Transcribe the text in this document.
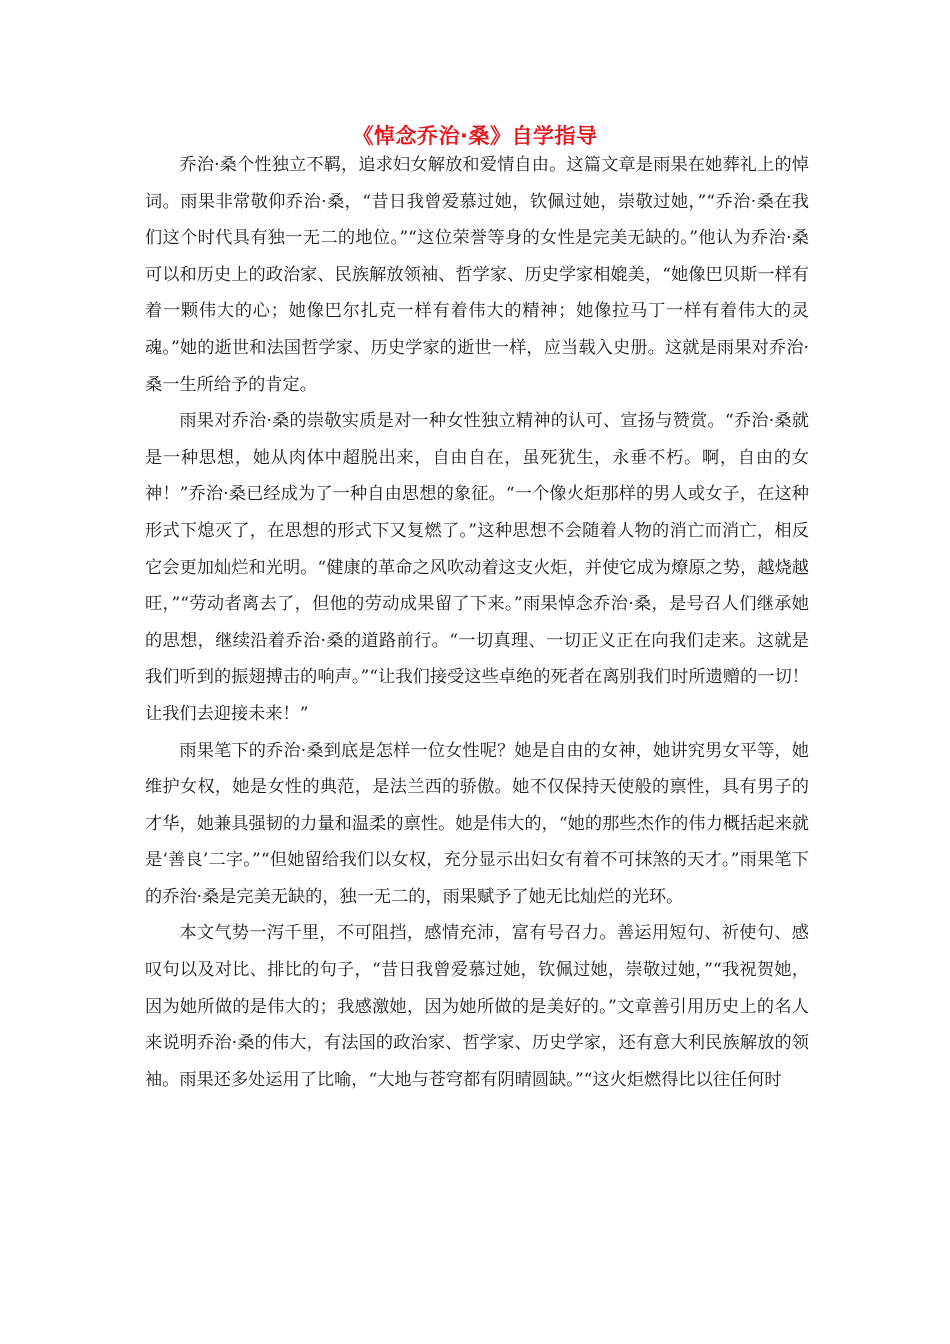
《悼念乔治·桑》自学指导

乔治·桑个性独立不羁，追求妇女解放和爱情自由。这篇文章是雨果在她葬礼上的悼词。雨果非常敬仰乔治·桑，“昔日我曾爱慕过她，钦佩过她，崇敬过她，”“乔治·桑在我们这个时代具有独一无二的地位。”“这位荣誉等身的女性是完美无缺的。”他认为乔治·桑可以和历史上的政治家、民族解放领袖、哲学家、历史学家相媲美，“她像巴贝斯一样有着一颗伟大的心；她像巴尔扎克一样有着伟大的精神；她像拉马丁一样有着伟大的灵魂。”她的逝世和法国哲学家、历史学家的逝世一样，应当载入史册。这就是雨果对乔治·桑一生所给予的肯定。

雨果对乔治·桑的崇敬实质是对一种女性独立精神的认可、宣扬与赞赏。“乔治·桑就是一种思想，她从肉体中超脱出来，自由自在，虽死犹生，永垂不朽。啊，自由的女神！”乔治·桑已经成为了一种自由思想的象征。“一个像火炬那样的男人或女子，在这种形式下熄灭了，在思想的形式下又复燃了。”这种思想不会随着人物的消亡而消亡，相反它会更加灿烂和光明。“健康的革命之风吹动着这支火炬，并使它成为燎原之势，越烧越旺，”“劳动者离去了，但他的劳动成果留了下来。”雨果悼念乔治·桑，是号召人们继承她的思想，继续沿着乔治·桑的道路前行。“一切真理、一切正义正在向我们走来。这就是我们听到的振翅搏击的响声。”“让我们接受这些卓绝的死者在离别我们时所遗赠的一切！让我们去迎接未来！”

雨果笔下的乔治·桑到底是怎样一位女性呢？她是自由的女神，她讲究男女平等，她维护女权，她是女性的典范，是法兰西的骄傲。她不仅保持天使般的禀性，具有男子的才华，她兼具强韧的力量和温柔的禀性。她是伟大的，“她的那些杰作的伟力概括起来就是‘善良’二字。”“但她留给我们以女权，充分显示出妇女有着不可抹煞的天才。”雨果笔下的乔治·桑是完美无缺的，独一无二的，雨果赋予了她无比灿烂的光环。

本文气势一泻千里，不可阻挡，感情充沛，富有号召力。善运用短句、祈使句、感叹句以及对比、排比的句子，“昔日我曾爱慕过她，钦佩过她，崇敬过她，”“我祝贺她，因为她所做的是伟大的；我感激她，因为她所做的是美好的。”文章善引用历史上的名人来说明乔治·桑的伟大，有法国的政治家、哲学家、历史学家，还有意大利民族解放的领袖。雨果还多处运用了比喻，“大地与苍穹都有阴晴圆缺。”“这火炬燃得比以往任何时
